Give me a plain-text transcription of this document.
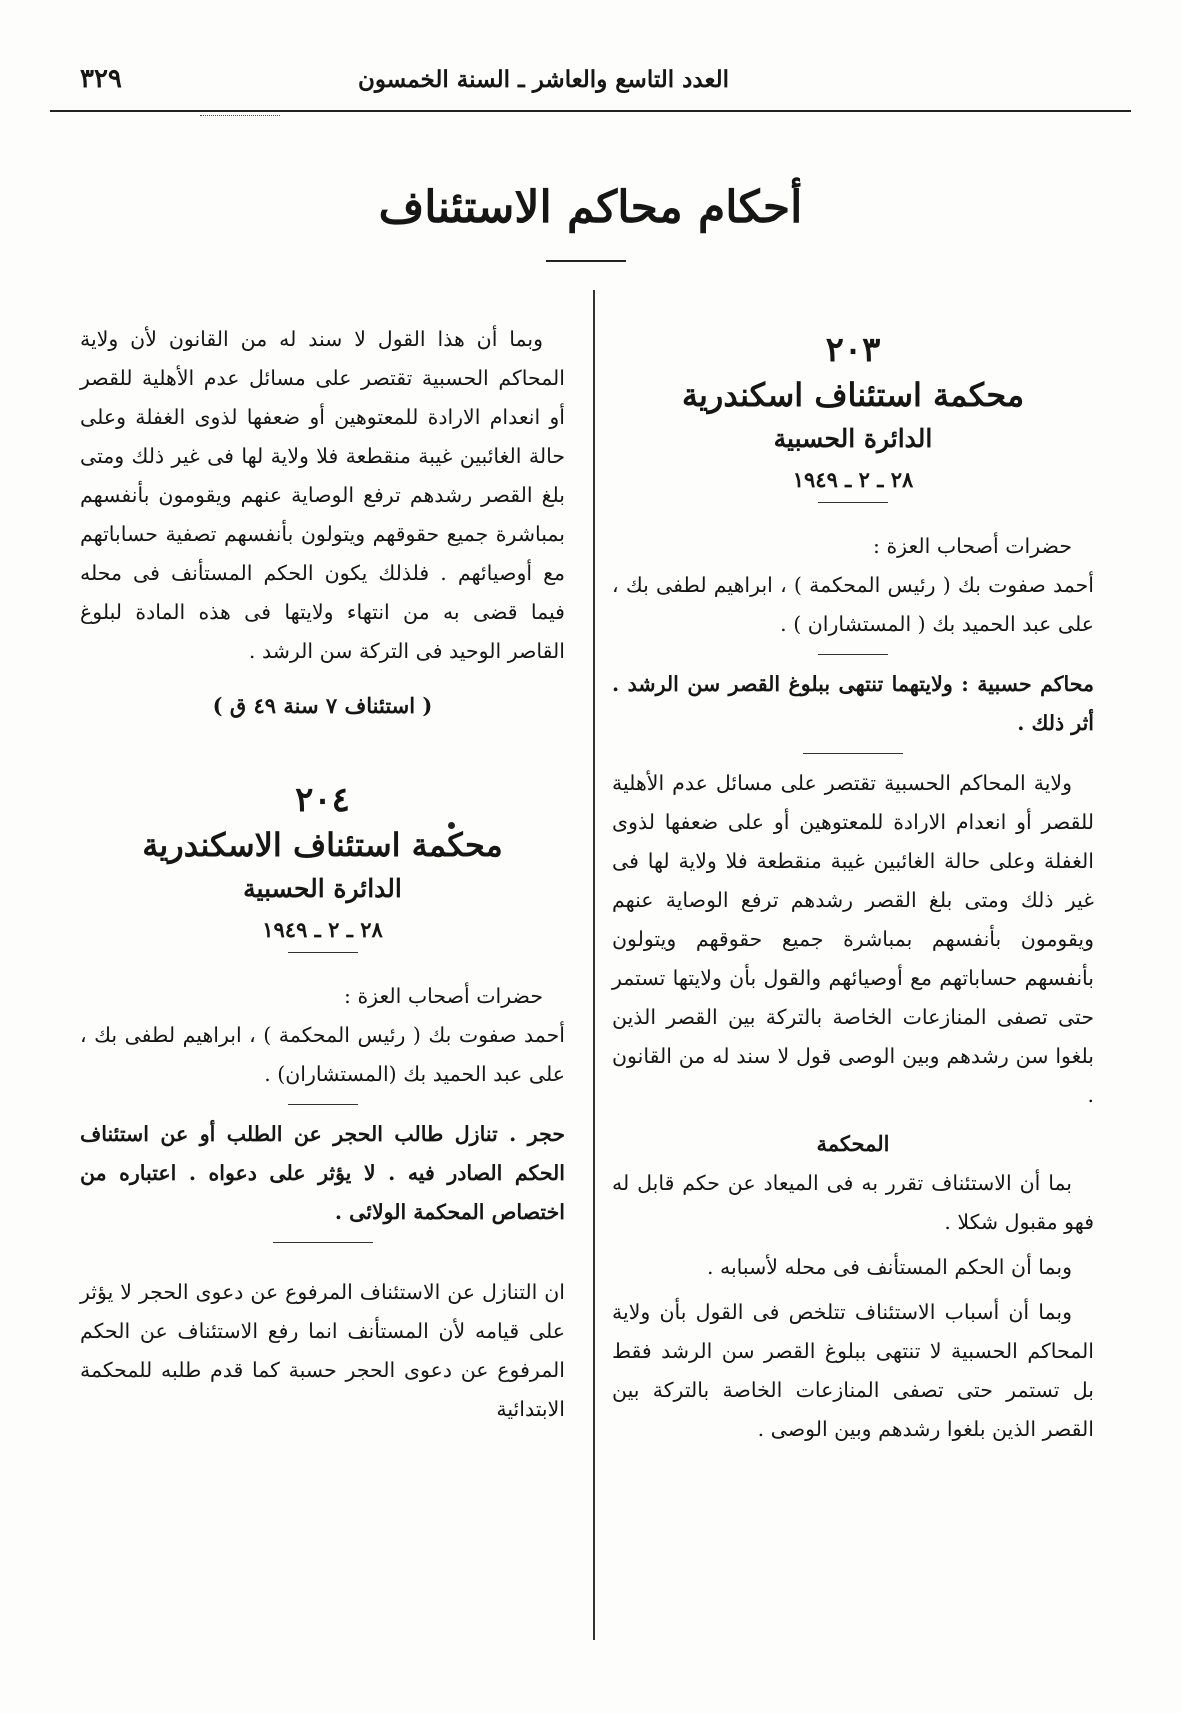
العدد التاسع والعاشر ـ السنة الخمسون
٣٢٩
أحكام محاكم الاستئناف
٢٠٣
محكمة استئناف اسكندرية
الدائرة الحسبية
٢٨ ـ ٢ ـ ١٩٤٩

حضرات أصحاب العزة :

أحمد صفوت بك ( رئيس المحكمة ) ، ابراهيم لطفى بك ، على عبد الحميد بك ( المستشاران ) .

محاكم حسبية : ولايتهما تنتهى ببلوغ القصر سن الرشد . أثر ذلك .

ولاية المحاكم الحسبية تقتصر على مسائل عدم الأهلية للقصر أو انعدام الارادة للمعتوهين أو على ضعفها لذوى الغفلة وعلى حالة الغائبين غيبة منقطعة فلا ولاية لها فى غير ذلك ومتى بلغ القصر رشدهم ترفع الوصاية عنهم ويقومون بأنفسهم بمباشرة جميع حقوقهم ويتولون بأنفسهم حساباتهم مع أوصيائهم والقول بأن ولايتها تستمر حتى تصفى المنازعات الخاصة بالتركة بين القصر الذين بلغوا سن رشدهم وبين الوصى قول لا سند له من القانون .

المحكمة

بما أن الاستئناف تقرر به فى الميعاد عن حكم قابل له فهو مقبول شكلا .

وبما أن الحكم المستأنف فى محله لأسبابه .

وبما أن أسباب الاستئناف تتلخص فى القول بأن ولاية المحاكم الحسبية لا تنتهى ببلوغ القصر سن الرشد فقط بل تستمر حتى تصفى المنازعات الخاصة بالتركة بين القصر الذين بلغوا رشدهم وبين الوصى .

وبما أن هذا القول لا سند له من القانون لأن ولاية المحاكم الحسبية تقتصر على مسائل عدم الأهلية للقصر أو انعدام الارادة للمعتوهين أو ضعفها لذوى الغفلة وعلى حالة الغائبين غيبة منقطعة فلا ولاية لها فى غير ذلك ومتى بلغ القصر رشدهم ترفع الوصاية عنهم ويقومون بأنفسهم بمباشرة جميع حقوقهم ويتولون بأنفسهم تصفية حساباتهم مع أوصيائهم . فلذلك يكون الحكم المستأنف فى محله فيما قضى به من انتهاء ولايتها فى هذه المادة لبلوغ القاصر الوحيد فى التركة سن الرشد .

( استئناف ٧ سنة ٤٩ ق )
٢٠٤
محكمة استئناف الاسكندرية
الدائرة الحسبية
٢٨ ـ ٢ ـ ١٩٤٩

حضرات أصحاب العزة :

أحمد صفوت بك ( رئيس المحكمة ) ، ابراهيم لطفى بك ، على عبد الحميد بك (المستشاران) .

حجر . تنازل طالب الحجر عن الطلب أو عن استئناف الحكم الصادر فيه . لا يؤثر على دعواه . اعتباره من اختصاص المحكمة الولائى .

ان التنازل عن الاستئناف المرفوع عن دعوى الحجر لا يؤثر على قيامه لأن المستأنف انما رفع الاستئناف عن الحكم المرفوع عن دعوى الحجر حسبة كما قدم طلبه للمحكمة الابتدائية
